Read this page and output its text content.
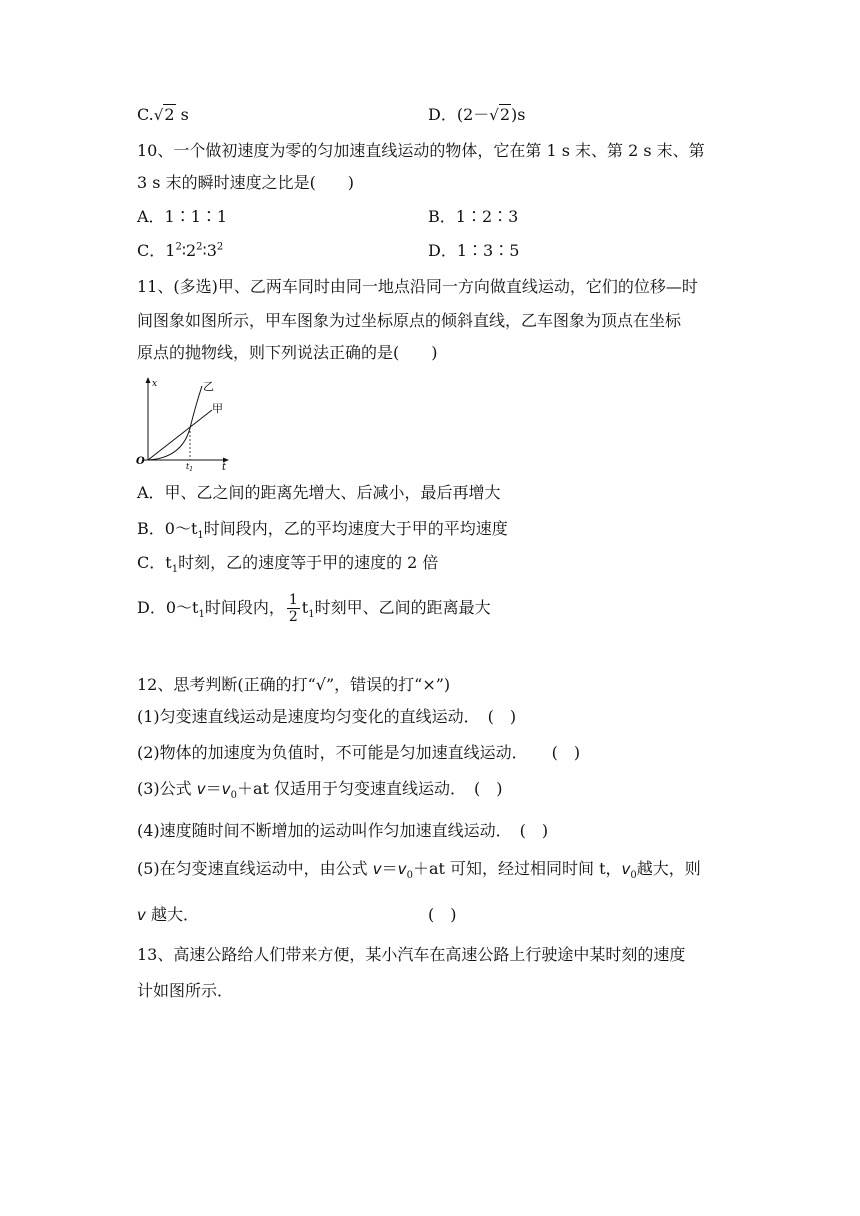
C.√2 s	D．(2－√2)s
10、一个做初速度为零的匀加速直线运动的物体，它在第 1 s 末、第 2 s 末、第
3 s 末的瞬时速度之比是(　　)
A．1∶1∶1	B．1∶2∶3
C．$1^2∶2^2∶3^2$	D．1∶3∶5
11、(多选)甲、乙两车同时由同一地点沿同一方向做直线运动，它们的位移—时
间图象如图所示，甲车图象为过坐标原点的倾斜直线，乙车图象为顶点在坐标
原点的抛物线，则下列说法正确的是(　　)
x
t
O
乙
甲
$t_1$
A．甲、乙之间的距离先增大、后减小，最后再增大
B．$0\sim t_1$时间段内，乙的平均速度大于甲的平均速度
C．$t_1$时刻，乙的速度等于甲的速度的 2 倍
D．$0\sim t_1$时间段内， $\frac{1}{2} t_1$时刻甲、乙间的距离最大
12、思考判断(正确的打“√”，错误的打“×”)
(1)匀变速直线运动是速度均匀变化的直线运动．　(　)
(2)物体的加速度为负值时，不可能是匀加速直线运动．　　(　)
(3)公式 $v=v_0+at$ 仅适用于匀变速直线运动．　(　)
(4)速度随时间不断增加的运动叫作匀加速直线运动．　(　)
(5)在匀变速直线运动中，由公式 $v=v_0+at$ 可知，经过相同时间 t，$v_0$越大，则
v 越大．	(　)
13、高速公路给人们带来方便，某小汽车在高速公路上行驶途中某时刻的速度
计如图所示．
